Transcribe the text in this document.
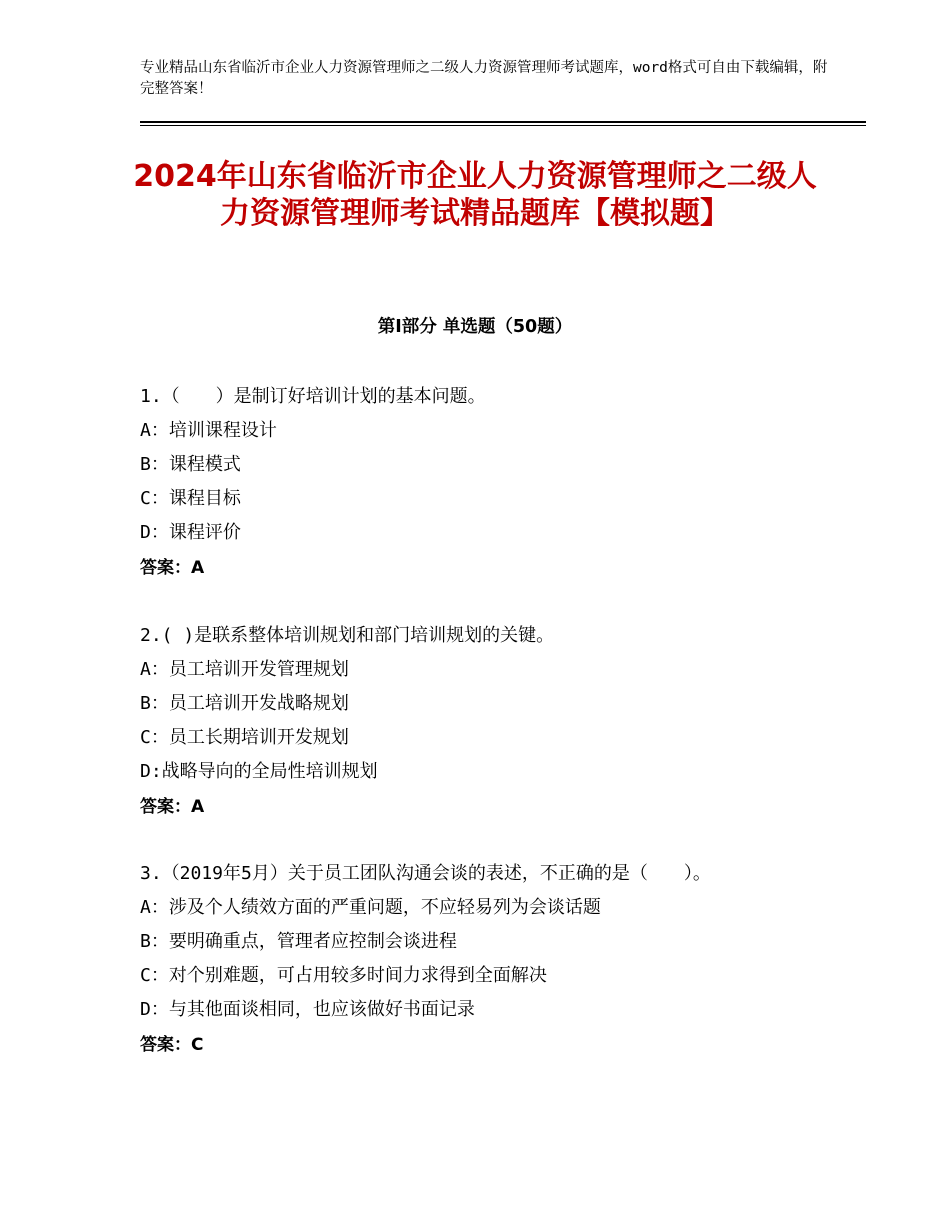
专业精品山东省临沂市企业人力资源管理师之二级人力资源管理师考试题库，word格式可自由下载编辑，附完整答案！
2024年山东省临沂市企业人力资源管理师之二级人力资源管理师考试精品题库【模拟题】
第Ⅰ部分 单选题（50题）
1.（　　）是制订好培训计划的基本问题。
A：培训课程设计
B：课程模式
C：课程目标
D：课程评价
答案：A
2.( )是联系整体培训规划和部门培训规划的关键。
A：员工培训开发管理规划
B：员工培训开发战略规划
C：员工长期培训开发规划
D:战略导向的全局性培训规划
答案：A
3.（2019年5月）关于员工团队沟通会谈的表述，不正确的是（　　）。
A：涉及个人绩效方面的严重问题，不应轻易列为会谈话题
B：要明确重点，管理者应控制会谈进程
C：对个别难题，可占用较多时间力求得到全面解决
D：与其他面谈相同，也应该做好书面记录
答案：C
